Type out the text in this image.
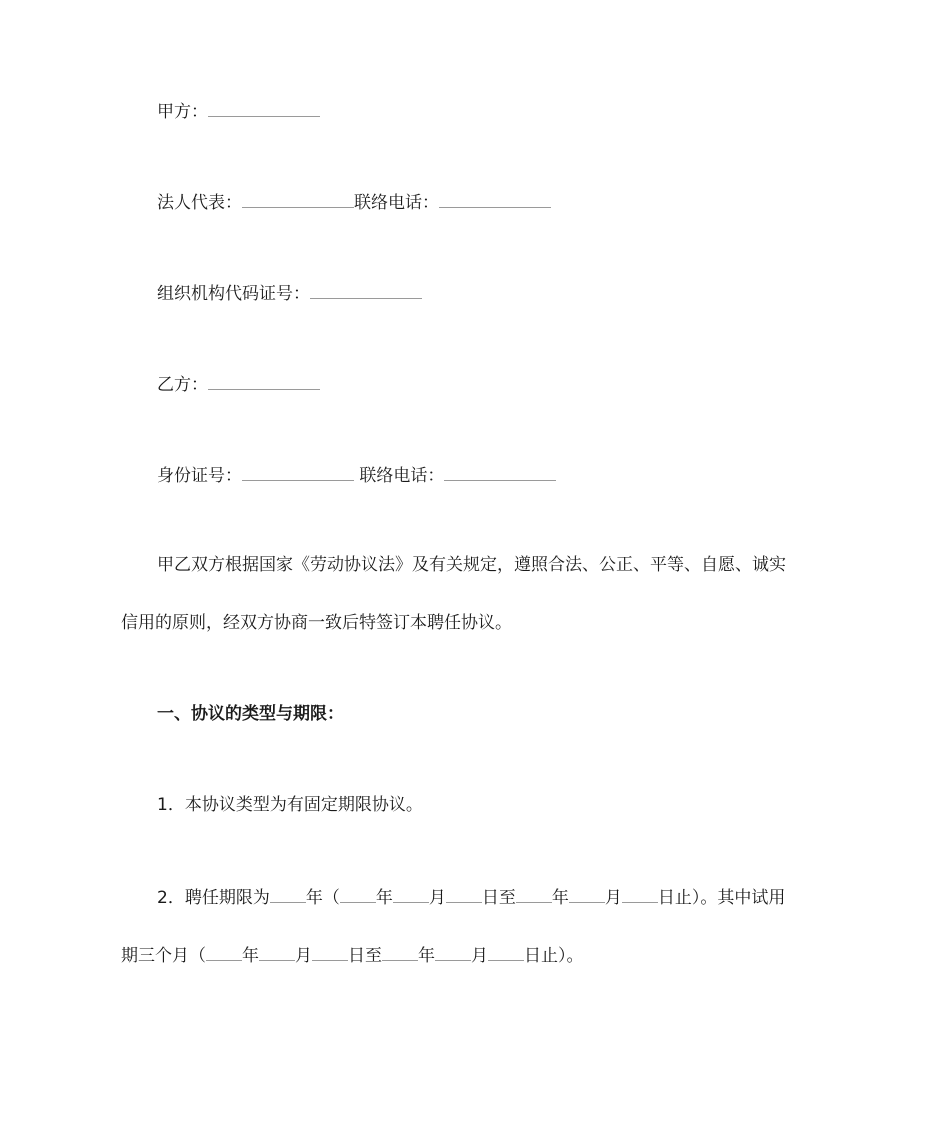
甲方：
法人代表：	联络电话：
组织机构代码证号：
乙方：
身份证号：	联络电话：
甲乙双方根据国家《劳动协议法》及有关规定，遵照合法、公正、平等、自愿、诚实
信用的原则，经双方协商一致后特签订本聘任协议。
一、协议的类型与期限：
1．本协议类型为有固定期限协议。
2．聘任期限为 年（ 年 月 日至 年 月 日止）。其中试用
期三个月（ 年 月 日至 年 月 日止）。
